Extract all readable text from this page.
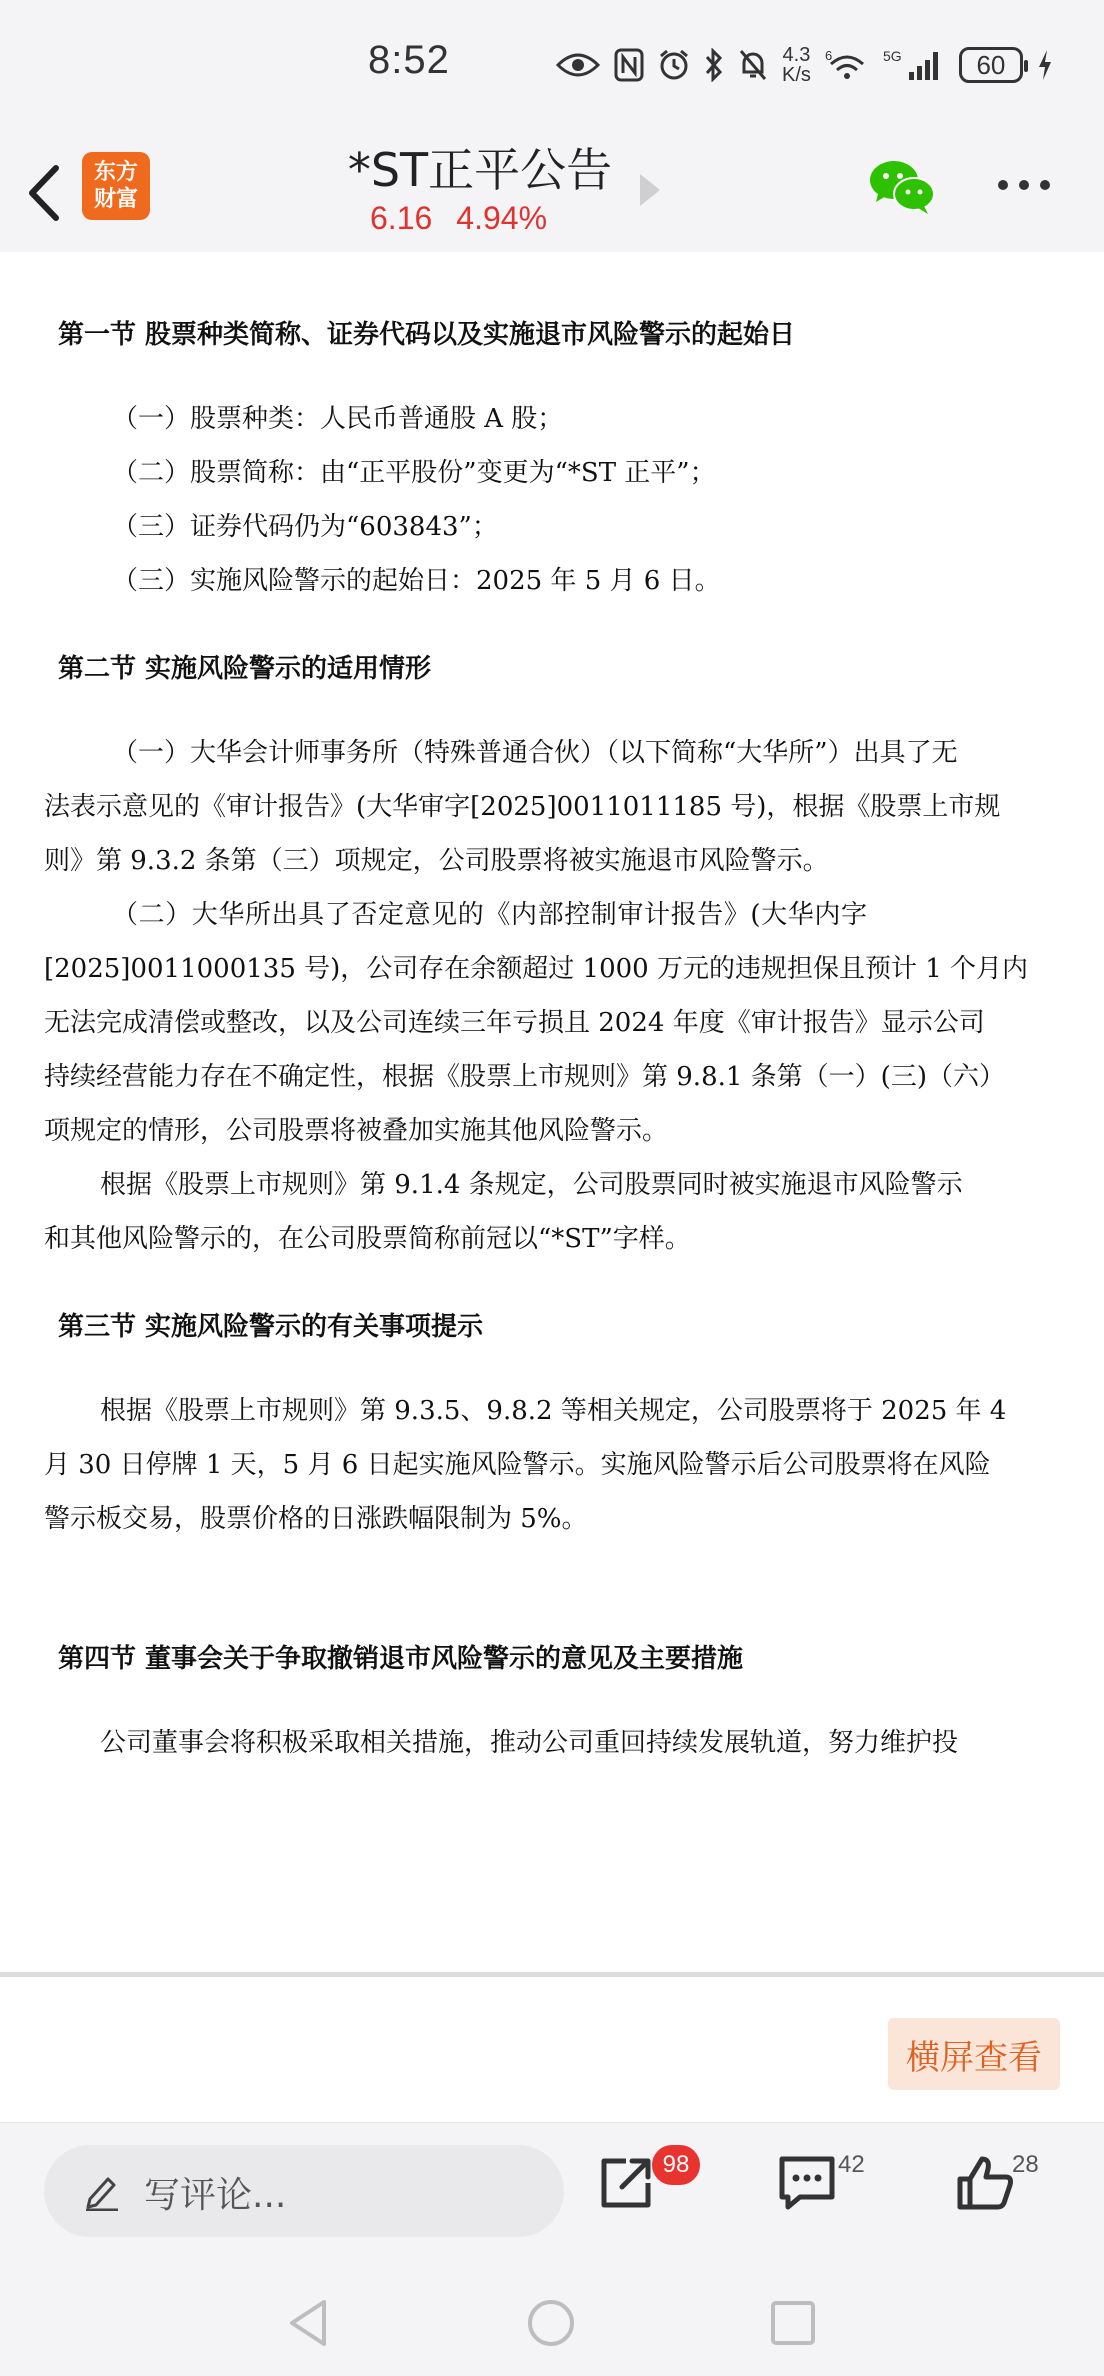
8:52	4.3
K/s
6	5G	60
东方
财富
*ST正平公告
6.16 4.94%

第一节 股票种类简称、证券代码以及实施退市风险警示的起始日

（一）股票种类：人民币普通股 A 股；

（二）股票简称：由“正平股份”变更为“*ST 正平”；

（三）证券代码仍为“603843”；

（三）实施风险警示的起始日：2025 年 5 月 6 日。

第二节 实施风险警示的适用情形

（一）大华会计师事务所（特殊普通合伙）（以下简称“大华所”）出具了无

法表示意见的《审计报告》(大华审字[2025]0011011185 号)，根据《股票上市规

则》第 9.3.2 条第（三）项规定，公司股票将被实施退市风险警示。

（二）大华所出具了否定意见的《内部控制审计报告》(大华内字

[2025]0011000135 号)，公司存在余额超过 1000 万元的违规担保且预计 1 个月内

无法完成清偿或整改，以及公司连续三年亏损且 2024 年度《审计报告》显示公司

持续经营能力存在不确定性，根据《股票上市规则》第 9.8.1 条第（一）(三)（六）

项规定的情形，公司股票将被叠加实施其他风险警示。

根据《股票上市规则》第 9.1.4 条规定，公司股票同时被实施退市风险警示

和其他风险警示的，在公司股票简称前冠以“*ST”字样。

第三节 实施风险警示的有关事项提示

根据《股票上市规则》第 9.3.5、9.8.2 等相关规定，公司股票将于 2025 年 4

月 30 日停牌 1 天，5 月 6 日起实施风险警示。实施风险警示后公司股票将在风险

警示板交易，股票价格的日涨跌幅限制为 5%。

第四节 董事会关于争取撤销退市风险警示的意见及主要措施

公司董事会将积极采取相关措施，推动公司重回持续发展轨道，努力维护投

横屏查看
写评论...
98	42	28
